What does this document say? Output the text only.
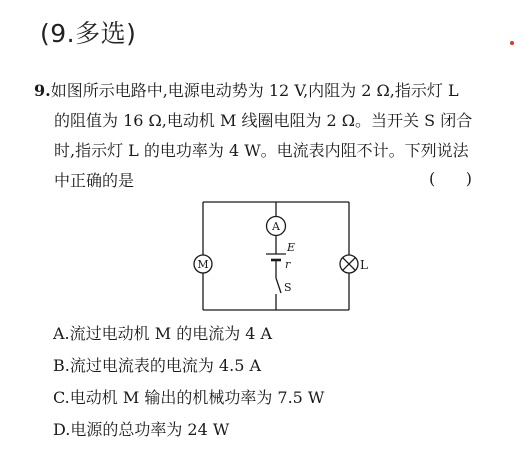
(9.多选)
9.如图所示电路中,电源电动势为 12 V,内阻为 2 Ω,指示灯 L
的阻值为 16 Ω,电动机 M 线圈电阻为 2 Ω。当开关 S 闭合
时,指示灯 L 的电功率为 4 W。电流表内阻不计。下列说法
中正确的是	(      )
A
M
E
r
S
L
A.流过电动机 M 的电流为 4 A
B.流过电流表的电流为 4.5 A
C.电动机 M 输出的机械功率为 7.5 W
D.电源的总功率为 24 W
